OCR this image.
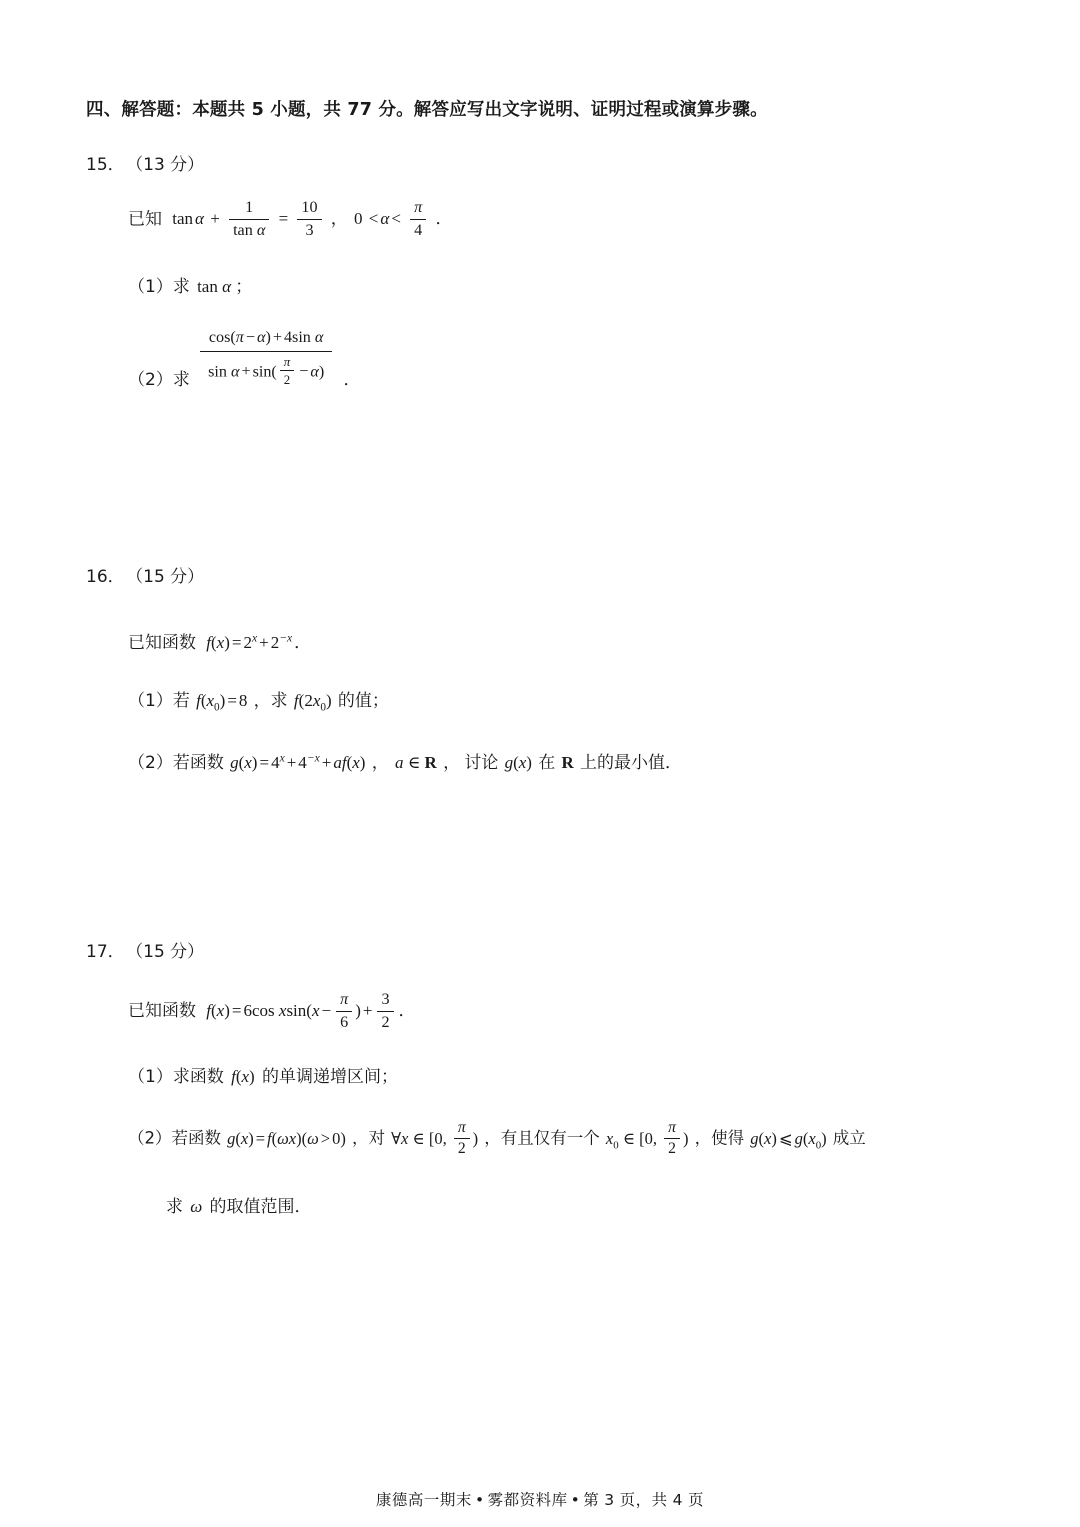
四、解答题：本题共 5 小题，共 77 分。解答应写出文字说明、证明过程或演算步骤。
15． （13 分）
已知 $\tan \alpha + \frac{1}{\text{tan α}} = \frac{10}{3}$ ， $0 < \alpha < \frac{\pi}{4}$ ．
（1）求 tan α ；
（2）求 $\frac{\text{cos(π − α) + 4sin α}}{\sin \alpha + \sin( \frac{\pi}{2} - \alpha)}$ ．
16． （15 分）
已知函数 $f(x) = 2^x + 2^{-x}$ ．
（1）若 $f(x_0) = 8$ ，求 $f(2x_0)$ 的值；
（2）若函数 $g(x) = 4^x + 4^{-x} + af(x)$ ， a ∈ R ， 讨论 g(x) 在 R 上的最小值．
17． （15 分）
已知函数 f(x) = 6cos $xsin(x - \frac{\pi}{6}$ ) + $\frac{3}{2}$ ．
（1）求函数 f(x) 的单调递增区间；
（2）若函数 g(x) = f(ωx)(ω > 0) ，对 ∀x ∈ [0, $\frac{\pi}{2}$ ) ，有且仅有一个 $x_0$ ∈ [0, $\frac{\pi}{2}$ ) ，使得 g(x) ⩽ $g(x_0)$ 成立
求 ω 的取值范围．
康德高一期末 • 雾都资料库 • 第 3 页，共 4 页
